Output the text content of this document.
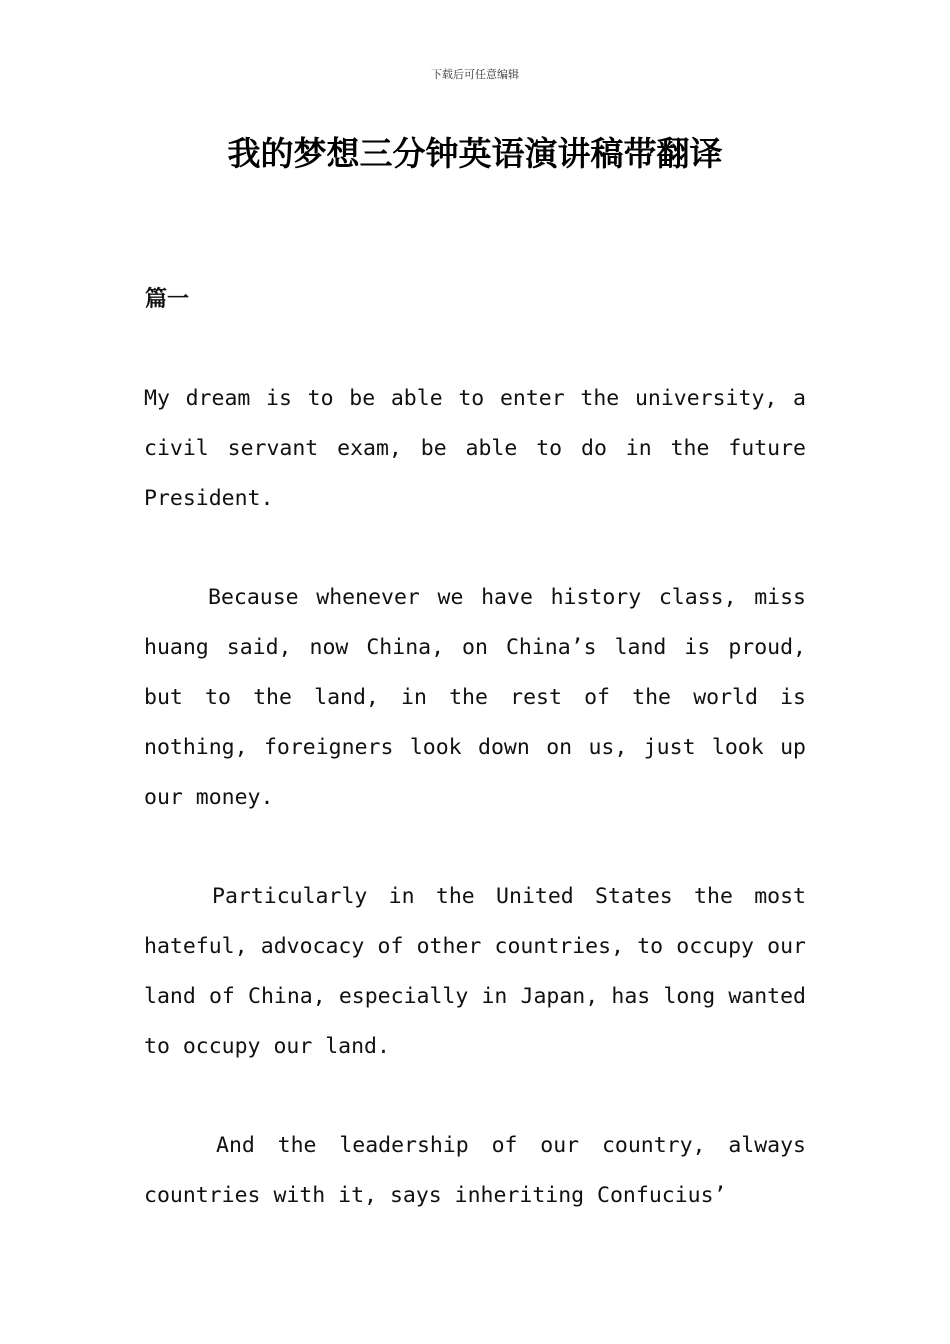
下载后可任意编辑
我的梦想三分钟英语演讲稿带翻译
篇一

My dream is to be able to enter the university, a civil servant exam, be able to do in the future President.

Because whenever we have history class, miss huang said, now China, on China’s land is proud, but to the land, in the rest of the world is nothing, foreigners look down on us, just look up our money.

Particularly in the United States the most hateful, advocacy of other countries, to occupy our land of China, especially in Japan, has long wanted to occupy our land.

And the leadership of our country, always countries with it, says inheriting Confucius’
